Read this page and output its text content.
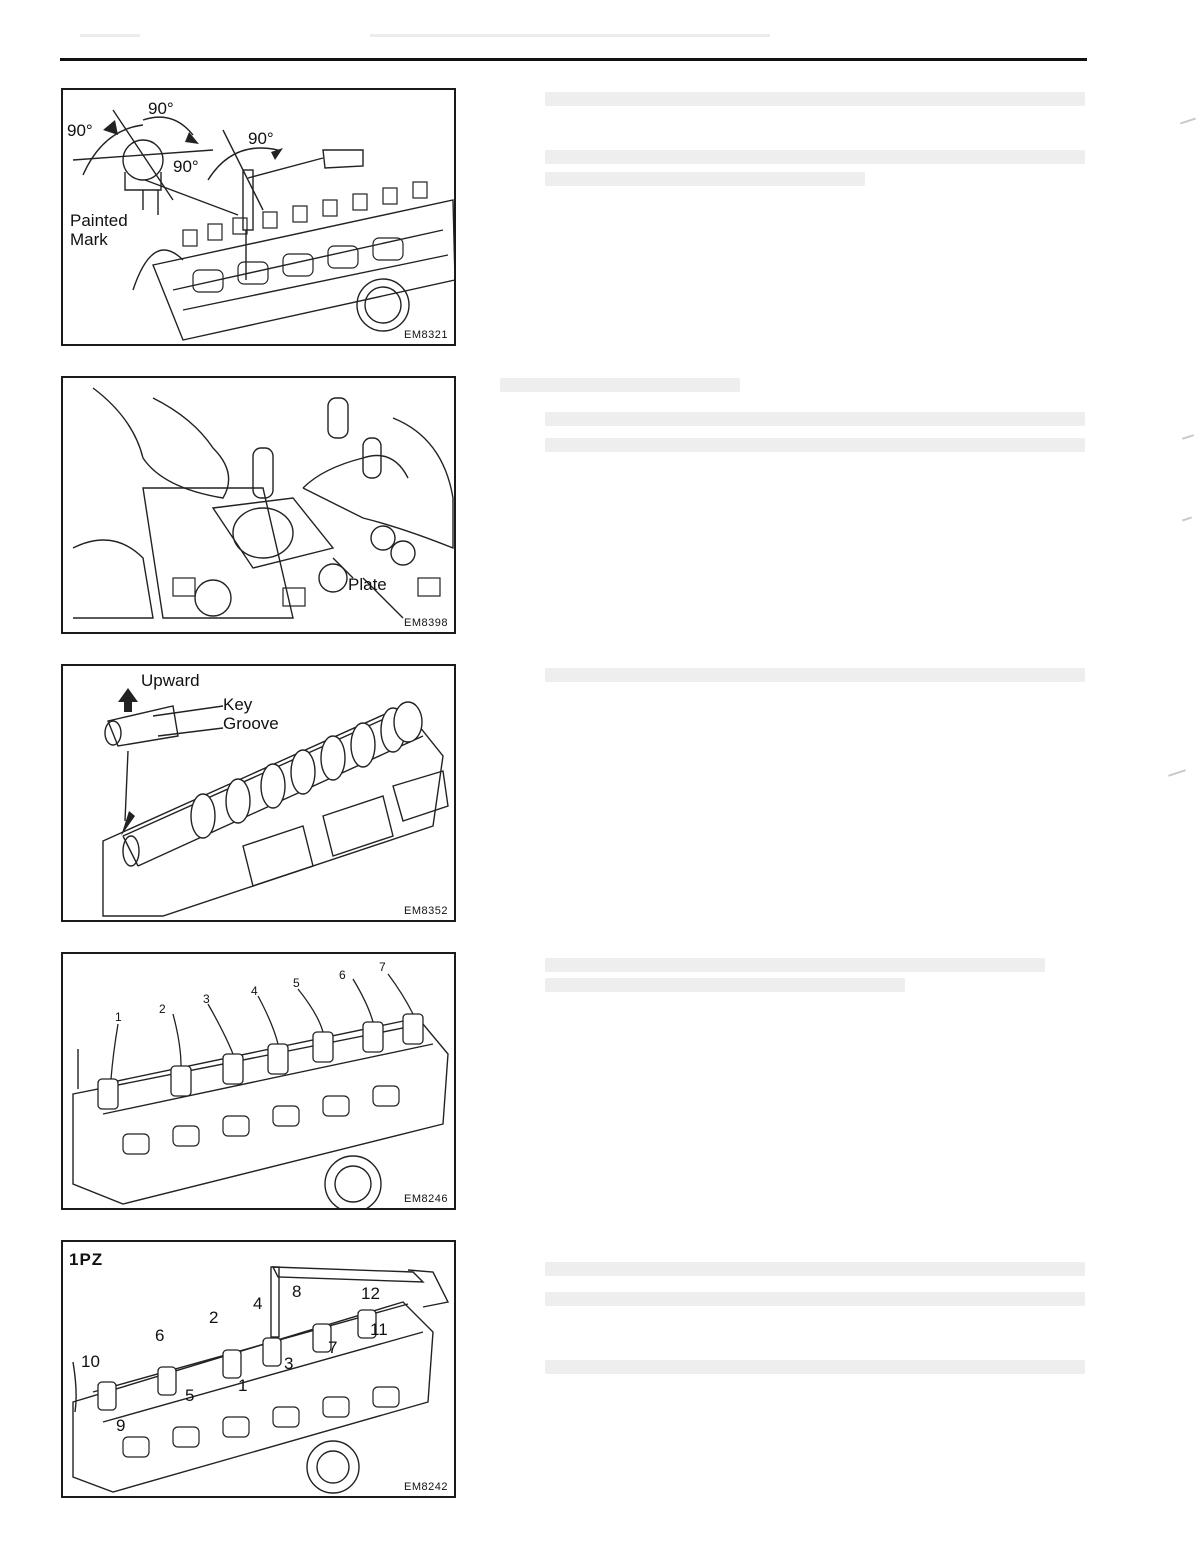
90°
90°	90°
90°
Painted
Mark
EM8321
Plate
EM8398
Upward
Key
Groove
EM8352
1
2
3
4
5
6
7
EM8246
1PZ
1
2
3
4
5
6
7
8
9
10
11
12
EM8242
